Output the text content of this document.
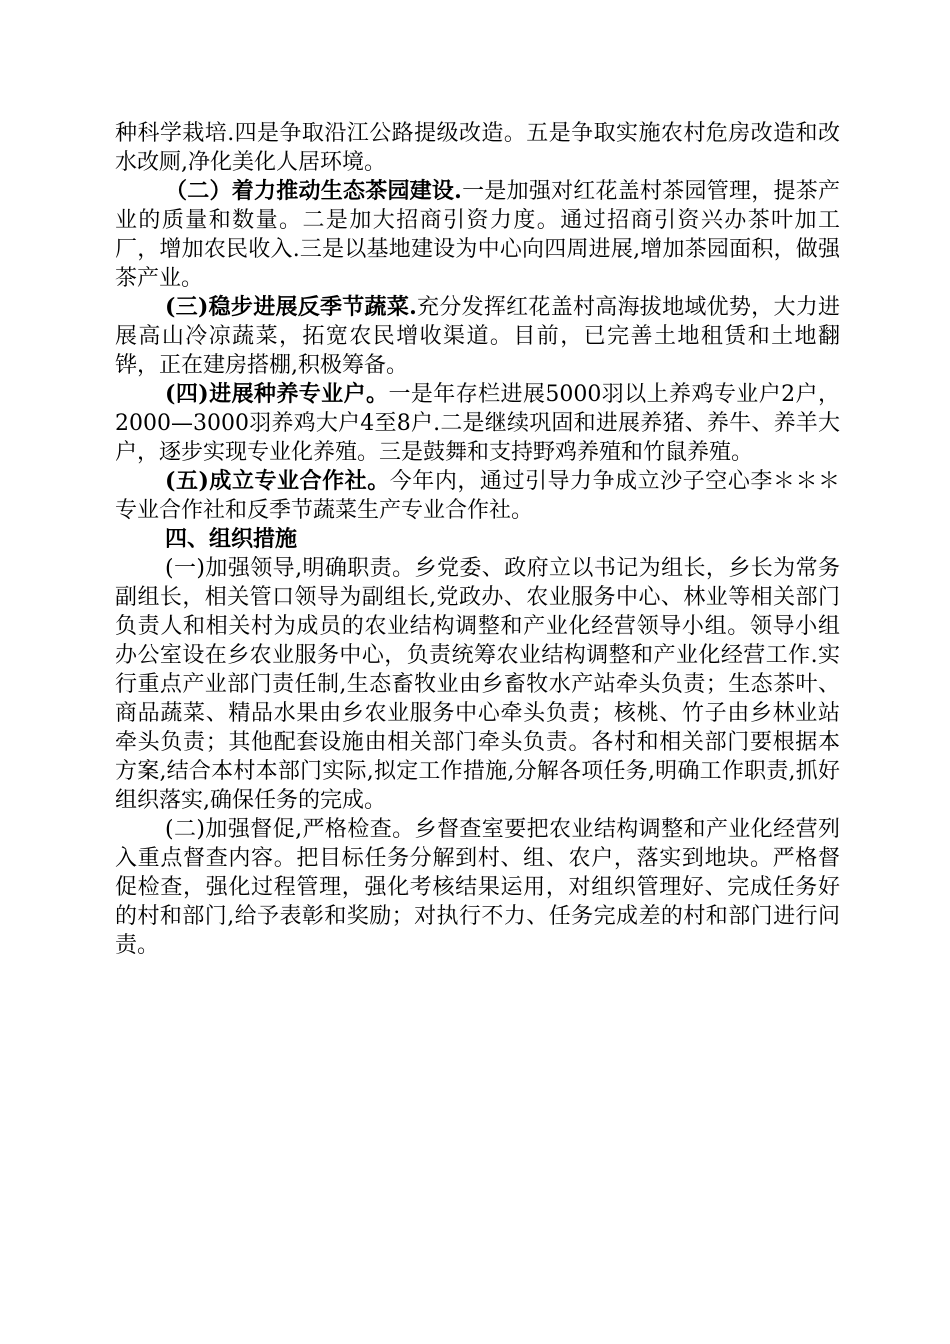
种科学栽培.四是争取沿江公路提级改造。五是争取实施农村危房改造和改水改厕,净化美化人居环境。

（二）着力推动生态茶园建设.一是加强对红花盖村茶园管理，提茶产业的质量和数量。二是加大招商引资力度。通过招商引资兴办茶叶加工厂，增加农民收入.三是以基地建设为中心向四周进展,增加茶园面积，做强茶产业。

(三)稳步进展反季节蔬菜.充分发挥红花盖村高海拔地域优势，大力进展高山冷凉蔬菜，拓宽农民增收渠道。目前，已完善土地租赁和土地翻铧，正在建房搭棚,积极筹备。

(四)进展种养专业户。一是年存栏进展5000羽以上养鸡专业户2户，2000—3000羽养鸡大户4至8户.二是继续巩固和进展养猪、养牛、养羊大户，逐步实现专业化养殖。三是鼓舞和支持野鸡养殖和竹鼠养殖。

(五)成立专业合作社。今年内，通过引导力争成立沙子空心李＊＊＊专业合作社和反季节蔬菜生产专业合作社。

四、组织措施

(一)加强领导,明确职责。乡党委、政府立以书记为组长，乡长为常务副组长，相关管口领导为副组长,党政办、农业服务中心、林业等相关部门负责人和相关村为成员的农业结构调整和产业化经营领导小组。领导小组办公室设在乡农业服务中心，负责统筹农业结构调整和产业化经营工作.实行重点产业部门责任制,生态畜牧业由乡畜牧水产站牵头负责；生态茶叶、商品蔬菜、精品水果由乡农业服务中心牵头负责；核桃、竹子由乡林业站牵头负责；其他配套设施由相关部门牵头负责。各村和相关部门要根据本方案,结合本村本部门实际,拟定工作措施,分解各项任务,明确工作职责,抓好组织落实,确保任务的完成。

(二)加强督促,严格检查。乡督查室要把农业结构调整和产业化经营列入重点督查内容。把目标任务分解到村、组、农户，落实到地块。严格督促检查，强化过程管理，强化考核结果运用，对组织管理好、完成任务好的村和部门,给予表彰和奖励；对执行不力、任务完成差的村和部门进行问责。
